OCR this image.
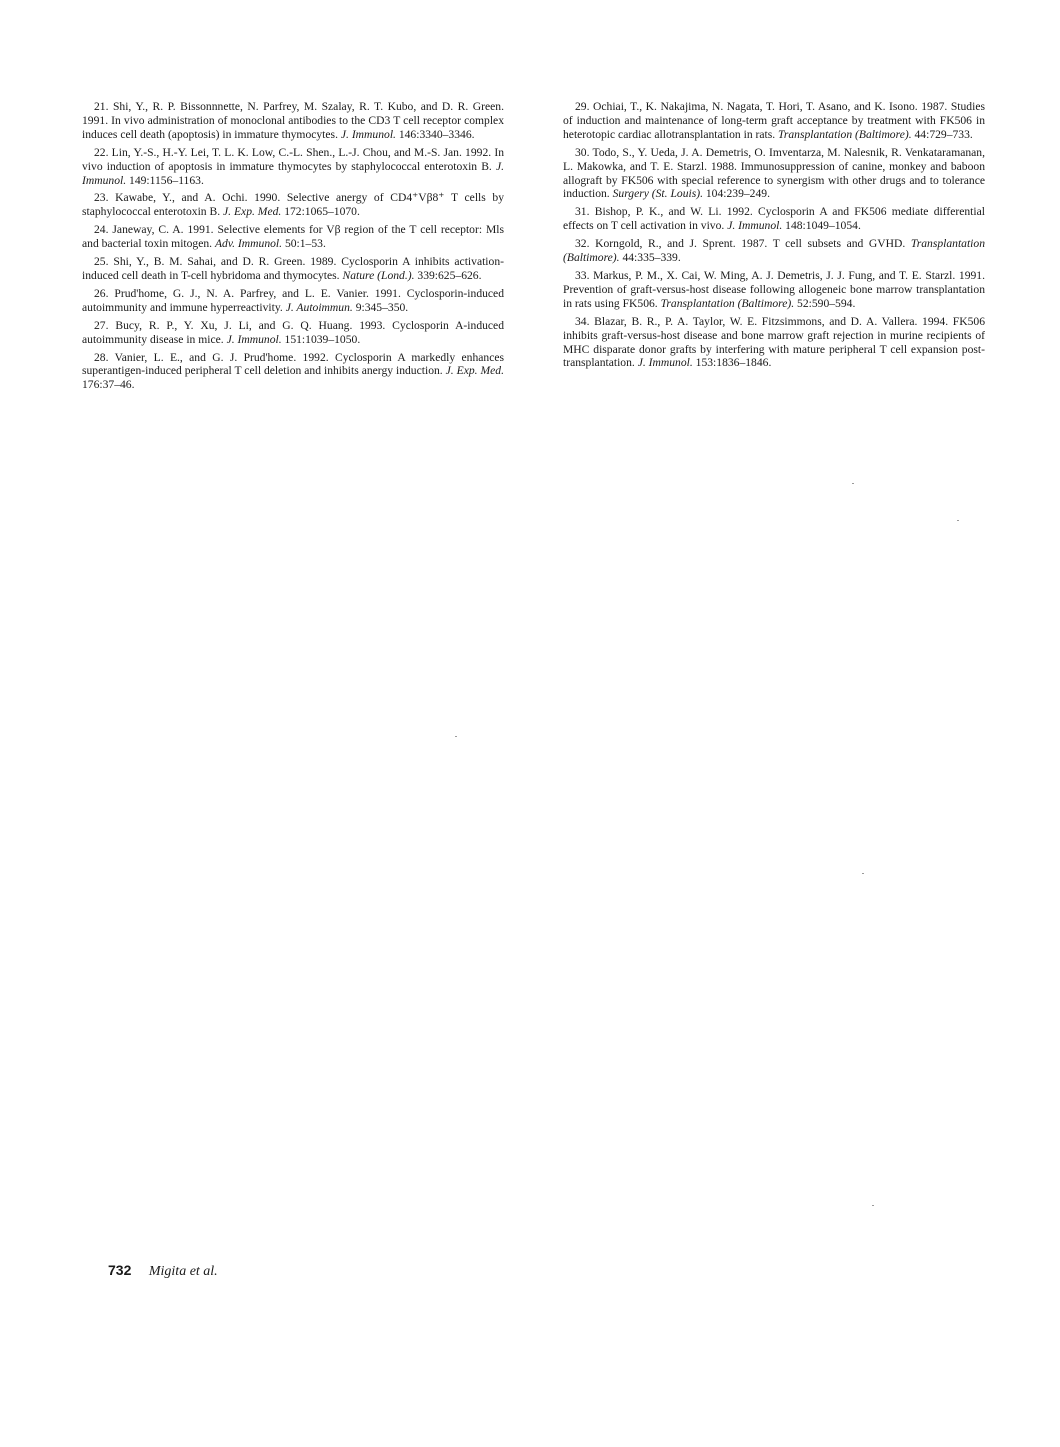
21. Shi, Y., R. P. Bissonnnette, N. Parfrey, M. Szalay, R. T. Kubo, and D. R. Green. 1991. In vivo administration of monoclonal antibodies to the CD3 T cell receptor complex induces cell death (apoptosis) in immature thymocytes. J. Immunol. 146:3340–3346.

22. Lin, Y.-S., H.-Y. Lei, T. L. K. Low, C.-L. Shen., L.-J. Chou, and M.-S. Jan. 1992. In vivo induction of apoptosis in immature thymocytes by staphylococcal enterotoxin B. J. Immunol. 149:1156–1163.

23. Kawabe, Y., and A. Ochi. 1990. Selective anergy of CD4⁺Vβ8⁺ T cells by staphylococcal enterotoxin B. J. Exp. Med. 172:1065–1070.

24. Janeway, C. A. 1991. Selective elements for Vβ region of the T cell receptor: Mls and bacterial toxin mitogen. Adv. Immunol. 50:1–53.

25. Shi, Y., B. M. Sahai, and D. R. Green. 1989. Cyclosporin A inhibits activation-induced cell death in T-cell hybridoma and thymocytes. Nature (Lond.). 339:625–626.

26. Prud'home, G. J., N. A. Parfrey, and L. E. Vanier. 1991. Cyclosporin-induced autoimmunity and immune hyperreactivity. J. Autoimmun. 9:345–350.

27. Bucy, R. P., Y. Xu, J. Li, and G. Q. Huang. 1993. Cyclosporin A-induced autoimmunity disease in mice. J. Immunol. 151:1039–1050.

28. Vanier, L. E., and G. J. Prud'home. 1992. Cyclosporin A markedly enhances superantigen-induced peripheral T cell deletion and inhibits anergy induction. J. Exp. Med. 176:37–46.

29. Ochiai, T., K. Nakajima, N. Nagata, T. Hori, T. Asano, and K. Isono. 1987. Studies of induction and maintenance of long-term graft acceptance by treatment with FK506 in heterotopic cardiac allotransplantation in rats. Transplantation (Baltimore). 44:729–733.

30. Todo, S., Y. Ueda, J. A. Demetris, O. Imventarza, M. Nalesnik, R. Venkataramanan, L. Makowka, and T. E. Starzl. 1988. Immunosuppression of canine, monkey and baboon allograft by FK506 with special reference to synergism with other drugs and to tolerance induction. Surgery (St. Louis). 104:239–249.

31. Bishop, P. K., and W. Li. 1992. Cyclosporin A and FK506 mediate differential effects on T cell activation in vivo. J. Immunol. 148:1049–1054.

32. Korngold, R., and J. Sprent. 1987. T cell subsets and GVHD. Transplantation (Baltimore). 44:335–339.

33. Markus, P. M., X. Cai, W. Ming, A. J. Demetris, J. J. Fung, and T. E. Starzl. 1991. Prevention of graft-versus-host disease following allogeneic bone marrow transplantation in rats using FK506. Transplantation (Baltimore). 52:590–594.

34. Blazar, B. R., P. A. Taylor, W. E. Fitzsimmons, and D. A. Vallera. 1994. FK506 inhibits graft-versus-host disease and bone marrow graft rejection in murine recipients of MHC disparate donor grafts by interfering with mature peripheral T cell expansion post-transplantation. J. Immunol. 153:1836–1846.

732 Migita et al.
